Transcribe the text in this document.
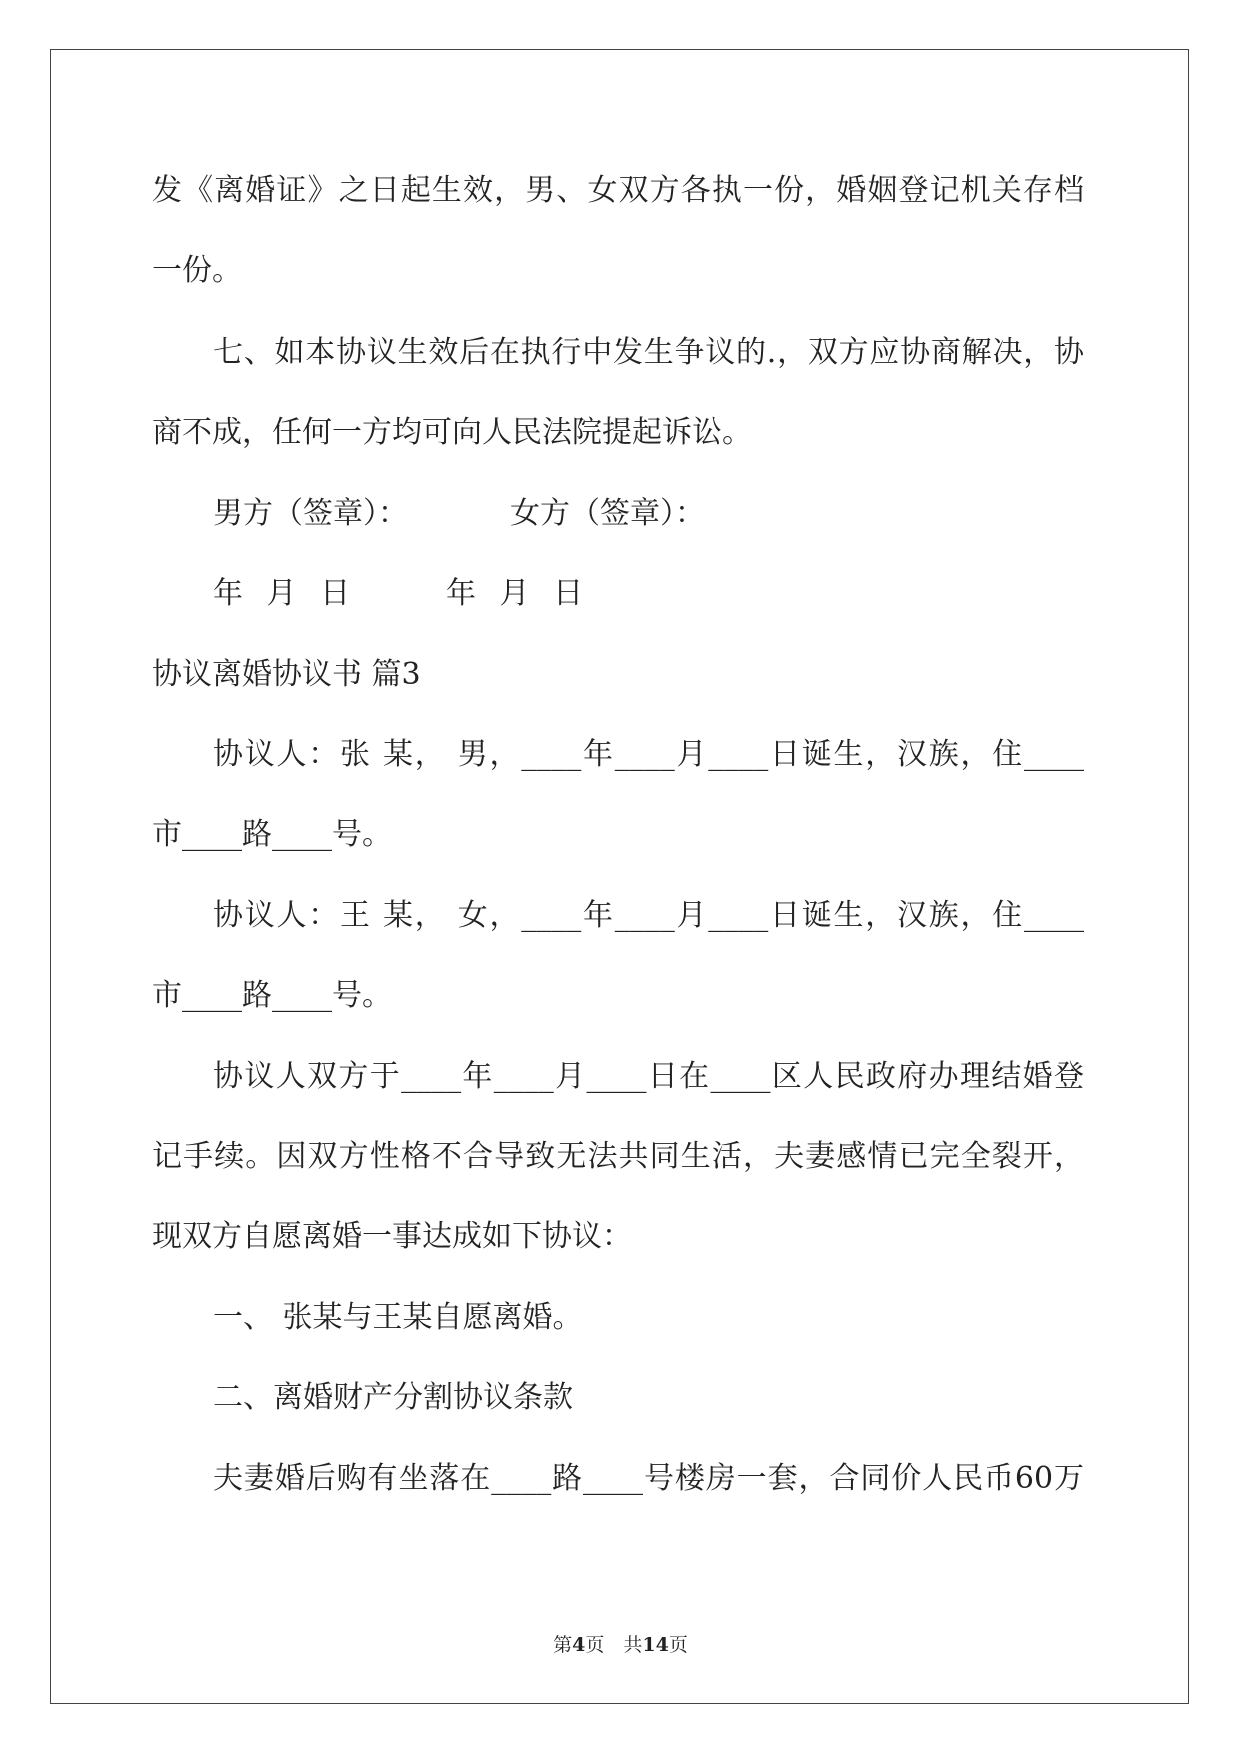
发《离婚证》之日起生效，男、女双方各执一份，婚姻登记机关存档
一份。
七、如本协议生效后在执行中发生争议的.，双方应协商解决，协
商不成，任何一方均可向人民法院提起诉讼。
男方（签章）：	女方（签章）：
年 月 日	年 月 日
协议离婚协议书 篇3
协议人：张 某， 男，____年____月____日诞生，汉族，住____
市____路____号。
协议人：王 某， 女，____年____月____日诞生，汉族，住____
市____路____号。
协议人双方于____年____月____日在____区人民政府办理结婚登
记手续。因双方性格不合导致无法共同生活，夫妻感情已完全裂开，
现双方自愿离婚一事达成如下协议：
一、 张某与王某自愿离婚。
二、离婚财产分割协议条款
夫妻婚后购有坐落在____路____号楼房一套，合同价人民币60万
第4页　共14页
